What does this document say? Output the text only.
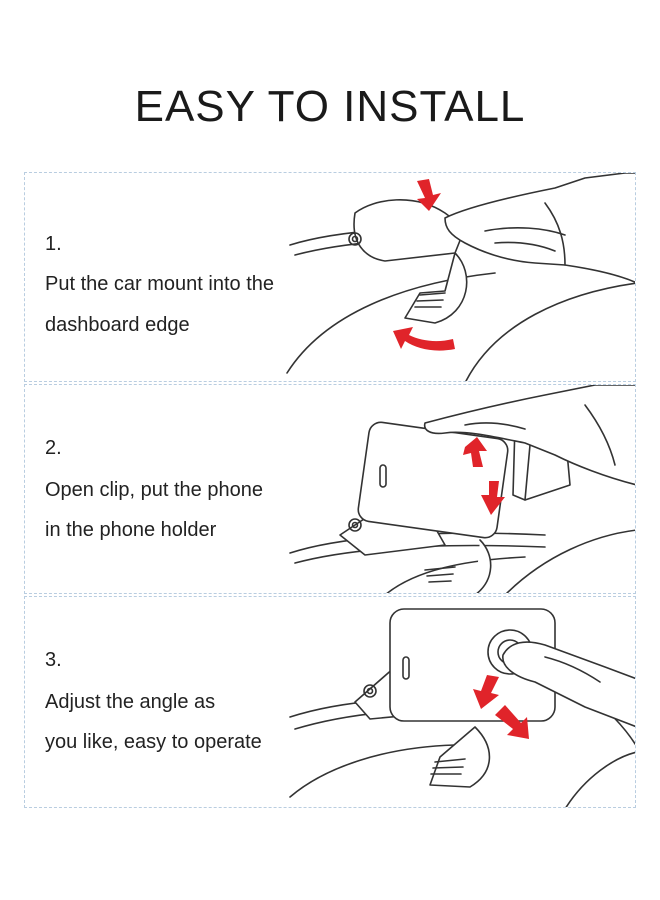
EASY TO INSTALL
1.
Put the car mount into the
dashboard edge
2.
Open clip, put the phone
in the phone holder
3.
Adjust the angle as
you like, easy to operate
